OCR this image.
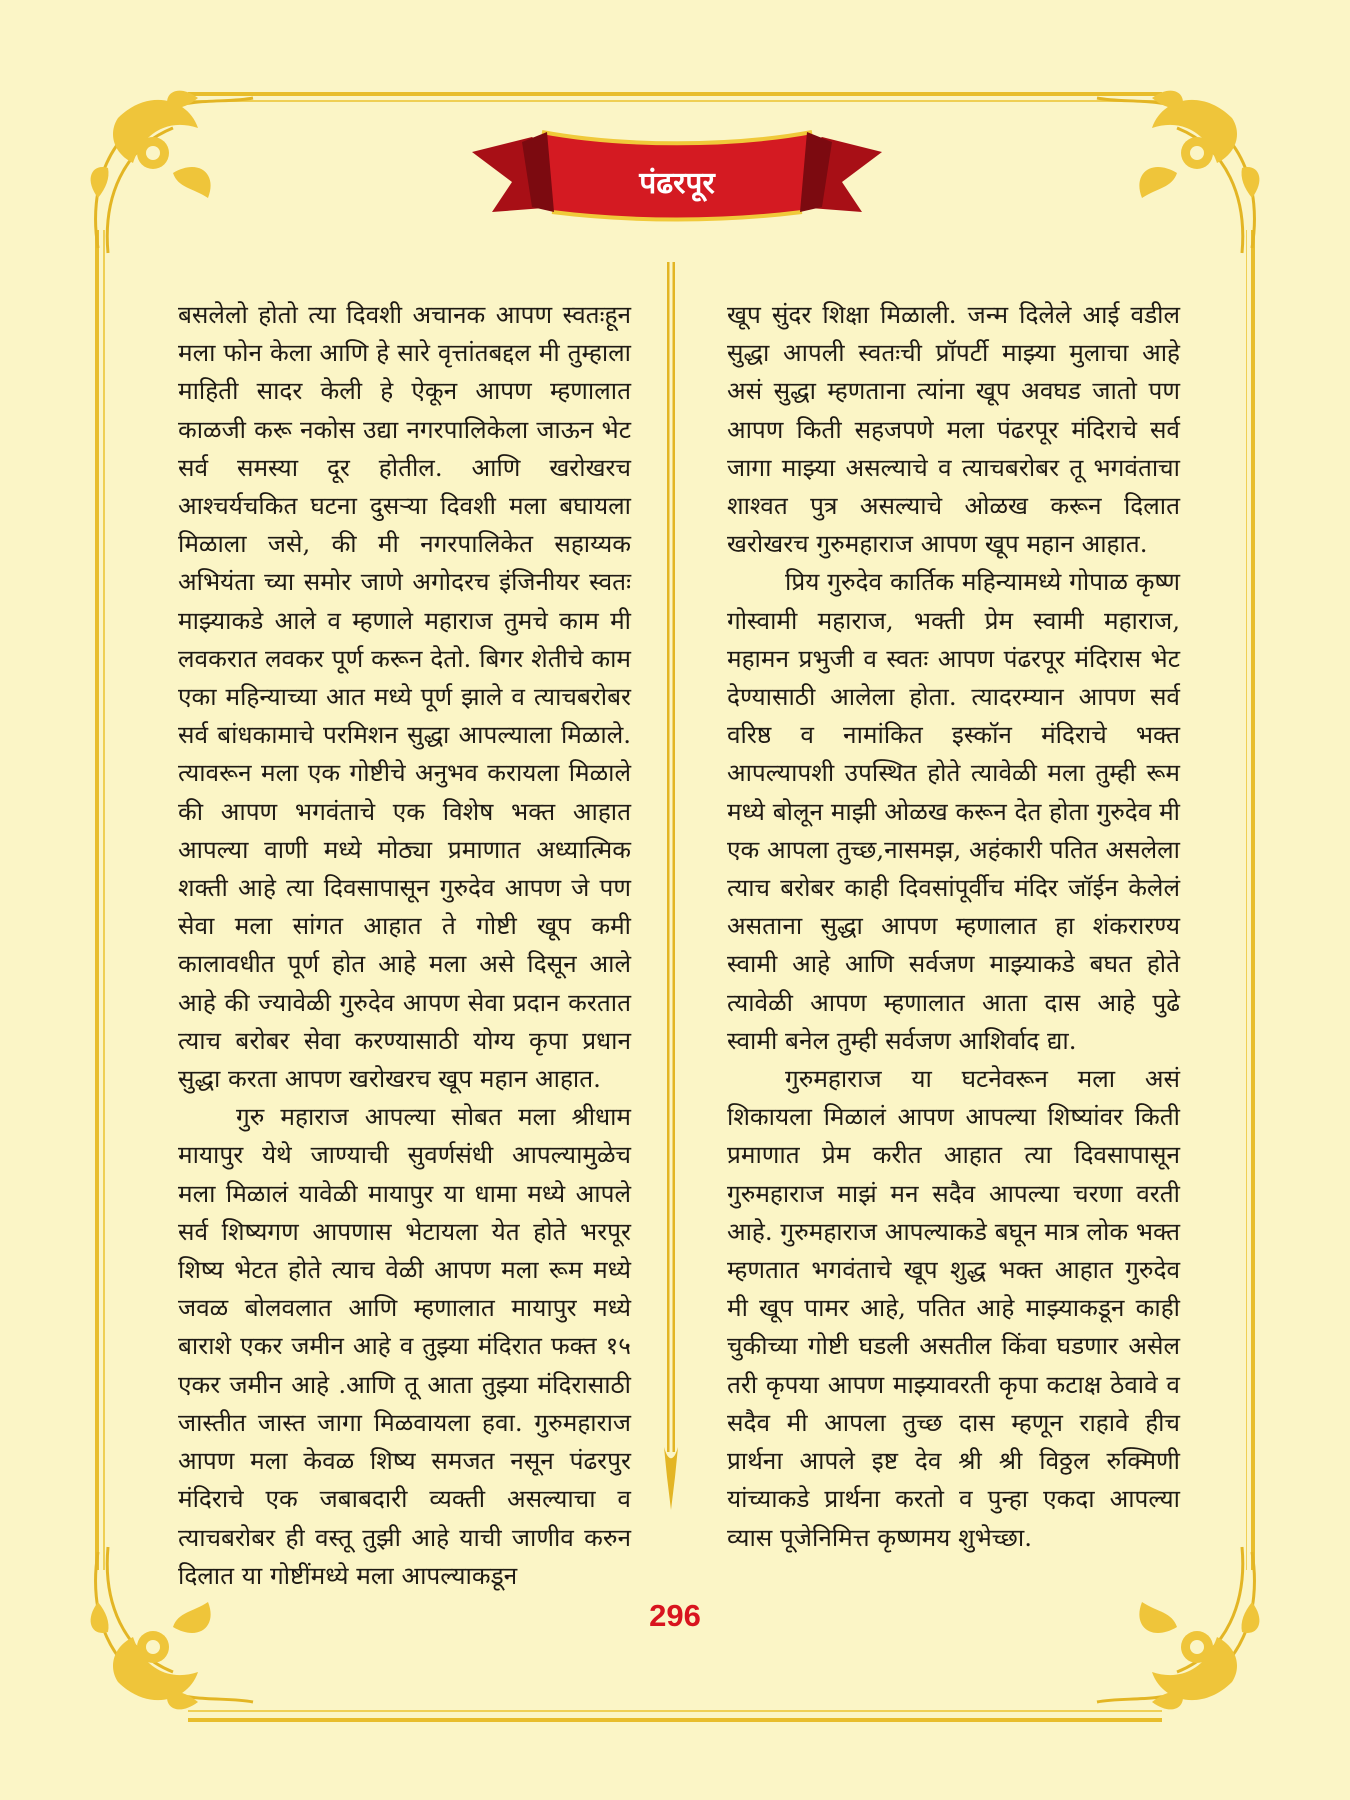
पंढरपूर

बसलेलो होतो त्या दिवशी अचानक आपण स्वतःहून मला फोन केला आणि हे सारे वृत्तांतबद्दल मी तुम्हाला माहिती सादर केली हे ऐकून आपण म्हणालात काळजी करू नकोस उद्या नगरपालिकेला जाऊन भेट सर्व समस्या दूर होतील. आणि खरोखरच आश्चर्यचकित घटना दुसऱ्या दिवशी मला बघायला मिळाला जसे, की मी नगरपालिकेत सहाय्यक अभियंता च्या समोर जाणे अगोदरच इंजिनीयर स्वतः माझ्याकडे आले व म्हणाले महाराज तुमचे काम मी लवकरात लवकर पूर्ण करून देतो. बिगर शेतीचे काम एका महिन्याच्या आत मध्ये पूर्ण झाले व त्याचबरोबर सर्व बांधकामाचे परमिशन सुद्धा आपल्याला मिळाले. त्यावरून मला एक गोष्टीचे अनुभव करायला मिळाले की आपण भगवंताचे एक विशेष भक्त आहात आपल्या वाणी मध्ये मोठ्या प्रमाणात अध्यात्मिक शक्ती आहे त्या दिवसापासून गुरुदेव आपण जे पण सेवा मला सांगत आहात ते गोष्टी खूप कमी कालावधीत पूर्ण होत आहे मला असे दिसून आले आहे की ज्यावेळी गुरुदेव आपण सेवा प्रदान करतात त्याच बरोबर सेवा करण्यासाठी योग्य कृपा प्रधान सुद्धा करता आपण खरोखरच खूप महान आहात.

गुरु महाराज आपल्या सोबत मला श्रीधाम मायापुर येथे जाण्याची सुवर्णसंधी आपल्यामुळेच मला मिळालं यावेळी मायापुर या धामा मध्ये आपले सर्व शिष्यगण आपणास भेटायला येत होते भरपूर शिष्य भेटत होते त्याच वेळी आपण मला रूम मध्ये जवळ बोलवलात आणि म्हणालात मायापुर मध्ये बाराशे एकर जमीन आहे व तुझ्या मंदिरात फक्त १५ एकर जमीन आहे .आणि तू आता तुझ्या मंदिरासाठी जास्तीत जास्त जागा मिळवायला हवा. गुरुमहाराज आपण मला केवळ शिष्य समजत नसून पंढरपुर मंदिराचे एक जबाबदारी व्यक्ती असल्याचा व त्याचबरोबर ही वस्तू तुझी आहे याची जाणीव करुन दिलात या गोष्टींमध्ये मला आपल्याकडून

खूप सुंदर शिक्षा मिळाली. जन्म दिलेले आई वडील सुद्धा आपली स्वतःची प्रॉपर्टी माझ्या मुलाचा आहे असं सुद्धा म्हणताना त्यांना खूप अवघड जातो पण आपण किती सहजपणे मला पंढरपूर मंदिराचे सर्व जागा माझ्या असल्याचे व त्याचबरोबर तू भगवंताचा शाश्वत पुत्र असल्याचे ओळख करून दिलात खरोखरच गुरुमहाराज आपण खूप महान आहात.

प्रिय गुरुदेव कार्तिक महिन्यामध्ये गोपाळ कृष्ण गोस्वामी महाराज, भक्ती प्रेम स्वामी महाराज, महामन प्रभुजी व स्वतः आपण पंढरपूर मंदिरास भेट देण्यासाठी आलेला होता. त्यादरम्यान आपण सर्व वरिष्ठ व नामांकित इस्कॉन मंदिराचे भक्त आपल्यापशी उपस्थित होते त्यावेळी मला तुम्ही रूम मध्ये बोलून माझी ओळख करून देत होता गुरुदेव मी एक आपला तुच्छ,नासमझ, अहंकारी पतित असलेला त्याच बरोबर काही दिवसांपूर्वीच मंदिर जॉईन केलेलं असताना सुद्धा आपण म्हणालात हा शंकरारण्य स्वामी आहे आणि सर्वजण माझ्याकडे बघत होते त्यावेळी आपण म्हणालात आता दास आहे पुढे स्वामी बनेल तुम्ही सर्वजण आशिर्वाद द्या.

गुरुमहाराज या घटनेवरून मला असं शिकायला मिळालं आपण आपल्या शिष्यांवर किती प्रमाणात प्रेम करीत आहात त्या दिवसापासून गुरुमहाराज माझं मन सदैव आपल्या चरणा वरती आहे. गुरुमहाराज आपल्याकडे बघून मात्र लोक भक्त म्हणतात भगवंताचे खूप शुद्ध भक्त आहात गुरुदेव मी खूप पामर आहे, पतित आहे माझ्याकडून काही चुकीच्या गोष्टी घडली असतील किंवा घडणार असेल तरी कृपया आपण माझ्यावरती कृपा कटाक्ष ठेवावे व सदैव मी आपला तुच्छ दास म्हणून राहावे हीच प्रार्थना आपले इष्ट देव श्री श्री विठ्ठल रुक्मिणी यांच्याकडे प्रार्थना करतो व पुन्हा एकदा आपल्या व्यास पूजेनिमित्त कृष्णमय शुभेच्छा.

296
